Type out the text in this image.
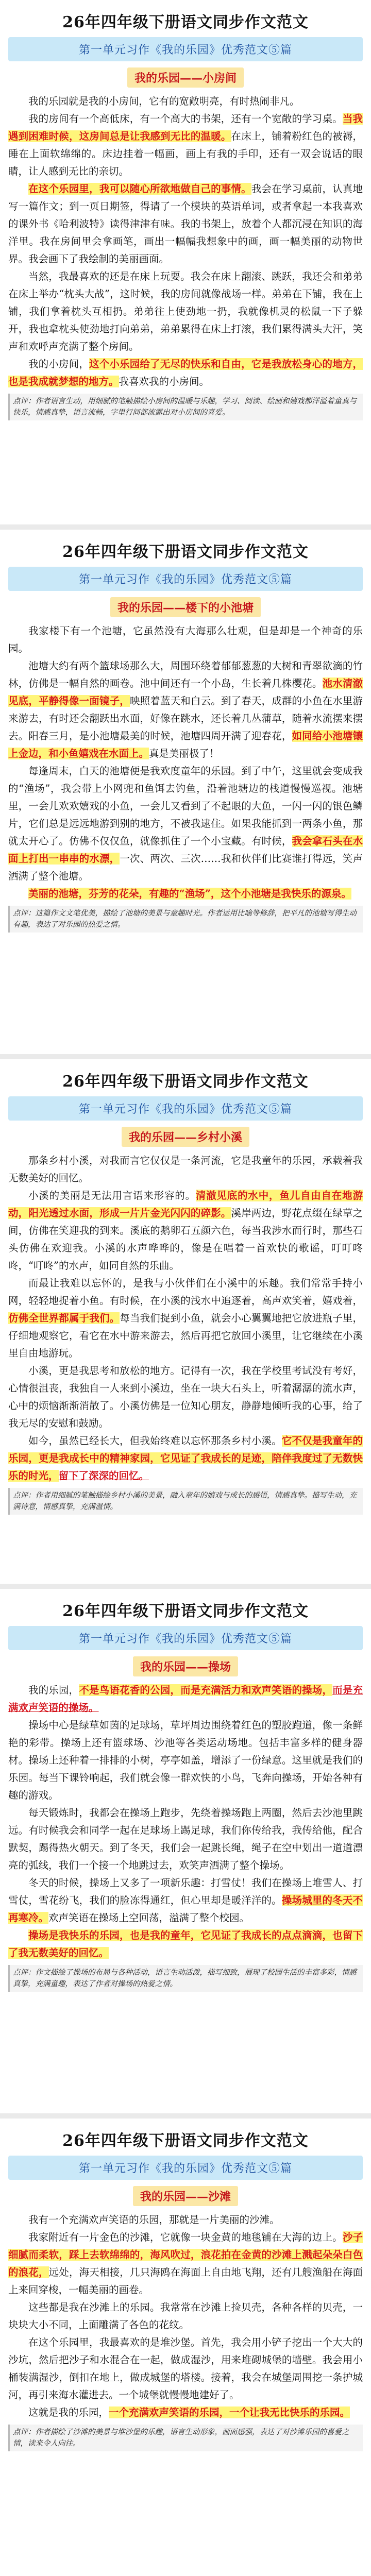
26年四年级下册语文同步作文范文
第一单元习作《我的乐园》优秀范文⑤篇
我的乐园——小房间

我的乐园就是我的小房间，它有的宽敞明亮，有时热闹非凡。

我的房间有一个高低床，有一个高大的书架，还有一个宽敞的学习桌。当我遇到困难时候，这房间总是让我感到无比的温暖。在床上，铺着粉红色的被褥，睡在上面软绵绵的。床边挂着一幅画，画上有我的手印，还有一双会说话的眼睛，让人感到无比的亲切。

在这个乐园里，我可以随心所欲地做自己的事情。我会在学习桌前，认真地写一篇作文；到一页日期签，得请了一个模块的英语单词，或者拿起一本我喜欢的课外书《哈利波特》读得津津有味。我的书架上，放着个人都沉浸在知识的海洋里。我在房间里会拿画笔，画出一幅幅我想象中的画，画一幅美丽的动物世界。我会画下了我绘制的美丽画面。

当然，我最喜欢的还是在床上玩耍。我会在床上翻滚、跳跃，我还会和弟弟在床上举办“枕头大战”，这时候，我的房间就像战场一样。弟弟在下铺，我在上铺，我们拿着枕头互相扔。弟弟往上使劲地一扔，我就像机灵的松鼠一下子躲开，我也拿枕头使劲地打向弟弟，弟弟累得在床上打滚，我们累得满头大汗，笑声和欢呼声充满了整个房间。

我的小房间，这个小乐园给了无尽的快乐和自由，它是我放松身心的地方，也是我成就梦想的地方。我喜欢我的小房间。

点评：作者语言生动，用细腻的笔触描绘小房间的温暖与乐趣，学习、阅读、绘画和嬉戏都洋溢着童真与快乐，情感真挚，语言流畅，字里行间都流露出对小房间的喜爱。
26年四年级下册语文同步作文范文
第一单元习作《我的乐园》优秀范文⑤篇
我的乐园——楼下的小池塘

我家楼下有一个池塘，它虽然没有大海那么壮观，但是却是一个神奇的乐园。

池塘大约有两个篮球场那么大，周围环绕着郁郁葱葱的大树和青翠欲滴的竹林，仿佛是一幅自然的画卷。池中间还有一个小岛，生长着几株樱花。池水清澈见底，平静得像一面镜子，映照着蓝天和白云。到了春天，成群的小鱼在水里游来游去，有时还会翻跃出水面，好像在跳水，还长着几丛蒲草，随着水流摆来摆去。阳春三月，是小池塘最美的时候，池塘四周开满了迎春花，如同给小池塘镶上金边，和小鱼嬉戏在水面上。真是美丽极了！

每逢周末，白天的池塘便是我欢度童年的乐园。到了中午，这里就会变成我的“渔场”，我会带上小网兜和鱼饵去钓鱼，沿着池塘边的栈道慢慢巡视。池塘里，一会儿欢欢嬉戏的小鱼，一会儿又看到了不起眼的大鱼，一闪一闪的银色鳞片，它们总是远远地游到别的地方，不被我逮住。如果我能抓到一两条小鱼，那就太开心了。仿佛不仅仅鱼，就像抓住了一个小宝藏。有时候，我会拿石头在水面上打出一串串的水漂，一次、两次、三次……我和伙伴们比赛谁打得远，笑声洒满了整个池塘。

美丽的池塘，芬芳的花朵，有趣的“渔场”，这个小池塘是我快乐的源泉。

点评：这篇作文文笔优美，描绘了池塘的美景与童趣时光。作者运用比喻等修辞，把平凡的池塘写得生动有趣，表达了对乐园的热爱之情。
26年四年级下册语文同步作文范文
第一单元习作《我的乐园》优秀范文⑤篇
我的乐园——乡村小溪

那条乡村小溪，对我而言它仅仅是一条河流，它是我童年的乐园，承载着我无数美好的回忆。

小溪的美丽是无法用言语来形容的。清澈见底的水中，鱼儿自由自在地游动，阳光透过水面，形成一片片金光闪闪的碎影。溪岸两边，野花点缀在绿草之间，仿佛在笑迎我的到来。溪底的鹅卵石五颜六色，每当我涉水而行时，那些石头仿佛在欢迎我。小溪的水声哗哗的，像是在唱着一首欢快的歌谣，叮叮咚咚，“叮咚”的水声，如同自然的乐曲。

而最让我难以忘怀的，是我与小伙伴们在小溪中的乐趣。我们常常手持小网，轻轻地捉着小鱼。有时候，在小溪的浅水中追逐着，高声欢笑着，嬉戏着，仿佛全世界都属于我们。每当我们捉到小鱼，就会小心翼翼地把它放进瓶子里，仔细地观察它，看它在水中游来游去，然后再把它放回小溪里，让它继续在小溪里自由地游玩。

小溪，更是我思考和放松的地方。记得有一次，我在学校里考试没有考好，心情很沮丧，我独自一人来到小溪边，坐在一块大石头上，听着潺潺的流水声，心中的烦恼渐渐消散了。小溪仿佛是一位知心朋友，静静地倾听我的心事，给了我无尽的安慰和鼓励。

如今，虽然已经长大，但我始终难以忘怀那条乡村小溪。它不仅是我童年的乐园，更是我成长中的精神家园，它见证了我成长的足迹，陪伴我度过了无数快乐的时光，留下了深深的回忆。

点评：作者用细腻的笔触描绘乡村小溪的美景，融入童年的嬉戏与成长的感悟，情感真挚。描写生动，充满诗意，情感真挚，充满温情。
26年四年级下册语文同步作文范文
第一单元习作《我的乐园》优秀范文⑤篇
我的乐园——操场

我的乐园，不是鸟语花香的公园，而是充满活力和欢声笑语的操场，而是充满欢声笑语的操场。

操场中心是绿草如茵的足球场，草坪周边围绕着红色的塑胶跑道，像一条鲜艳的彩带。操场上还有篮球场、沙池等各类运动场地。包括丰富多样的健身器材。操场上还种着一排排的小树，亭亭如盖，增添了一份绿意。这里就是我们的乐园。每当下课铃响起，我们就会像一群欢快的小鸟，飞奔向操场，开始各种有趣的游戏。

每天锻炼时，我都会在操场上跑步，先绕着操场跑上两圈，然后去沙池里跳远。有时候我会和同学一起在足球场上踢足球，我们你传给我，我传给他，配合默契，踢得热火朝天。到了冬天，我们会一起跳长绳，绳子在空中划出一道道漂亮的弧线，我们一个接一个地跳过去，欢笑声洒满了整个操场。

冬天的时候，操场上又多了一项新乐趣：打雪仗！我们在操场上堆雪人、打雪仗，雪花纷飞，我们的脸冻得通红，但心里却是暖洋洋的。操场城里的冬天不再寒冷。欢声笑语在操场上空回荡，溢满了整个校园。

操场是我快乐的乐园，也是我的童年，它见证了我成长的点点滴滴，也留下了我无数美好的回忆。

点评：作文描绘了操场的布局与各种活动，语言生动活泼，描写细致，展现了校园生活的丰富多彩，情感真挚，充满童趣，表达了作者对操场的热爱之情。
26年四年级下册语文同步作文范文
第一单元习作《我的乐园》优秀范文⑤篇
我的乐园——沙滩

我有一个充满欢声笑语的乐园，那就是一片美丽的沙滩。

我家附近有一片金色的沙滩，它就像一块金黄的地毯铺在大海的边上。沙子细腻而柔软，踩上去软绵绵的，海风吹过，浪花拍在金黄的沙滩上溅起朵朵白色的浪花，远处，海天相接，几只海鸥在海面上自由地飞翔，还有几艘渔船在海面上来回穿梭，一幅美丽的画卷。

这些都是我在沙滩上的乐园。我常常在沙滩上捡贝壳，各种各样的贝壳，一块块大小不同，上面雕满了各色的花纹。

在这个乐园里，我最喜欢的是堆沙堡。首先，我会用小铲子挖出一个大大的沙坑，然后把沙子和水混合在一起，做成湿沙，用来堆砌城堡的墙壁。我会用小桶装满湿沙，倒扣在地上，做成城堡的塔楼。接着，我会在城堡周围挖一条护城河，再引来海水灌进去。一个城堡就慢慢地建好了。

这就是我的乐园，一个充满欢声笑语的乐园，一个让我无比快乐的乐园。

点评：作者描绘了沙滩的美景与堆沙堡的乐趣，语言生动形象，画面感强，表达了对沙滩乐园的喜爱之情，读来令人向往。
